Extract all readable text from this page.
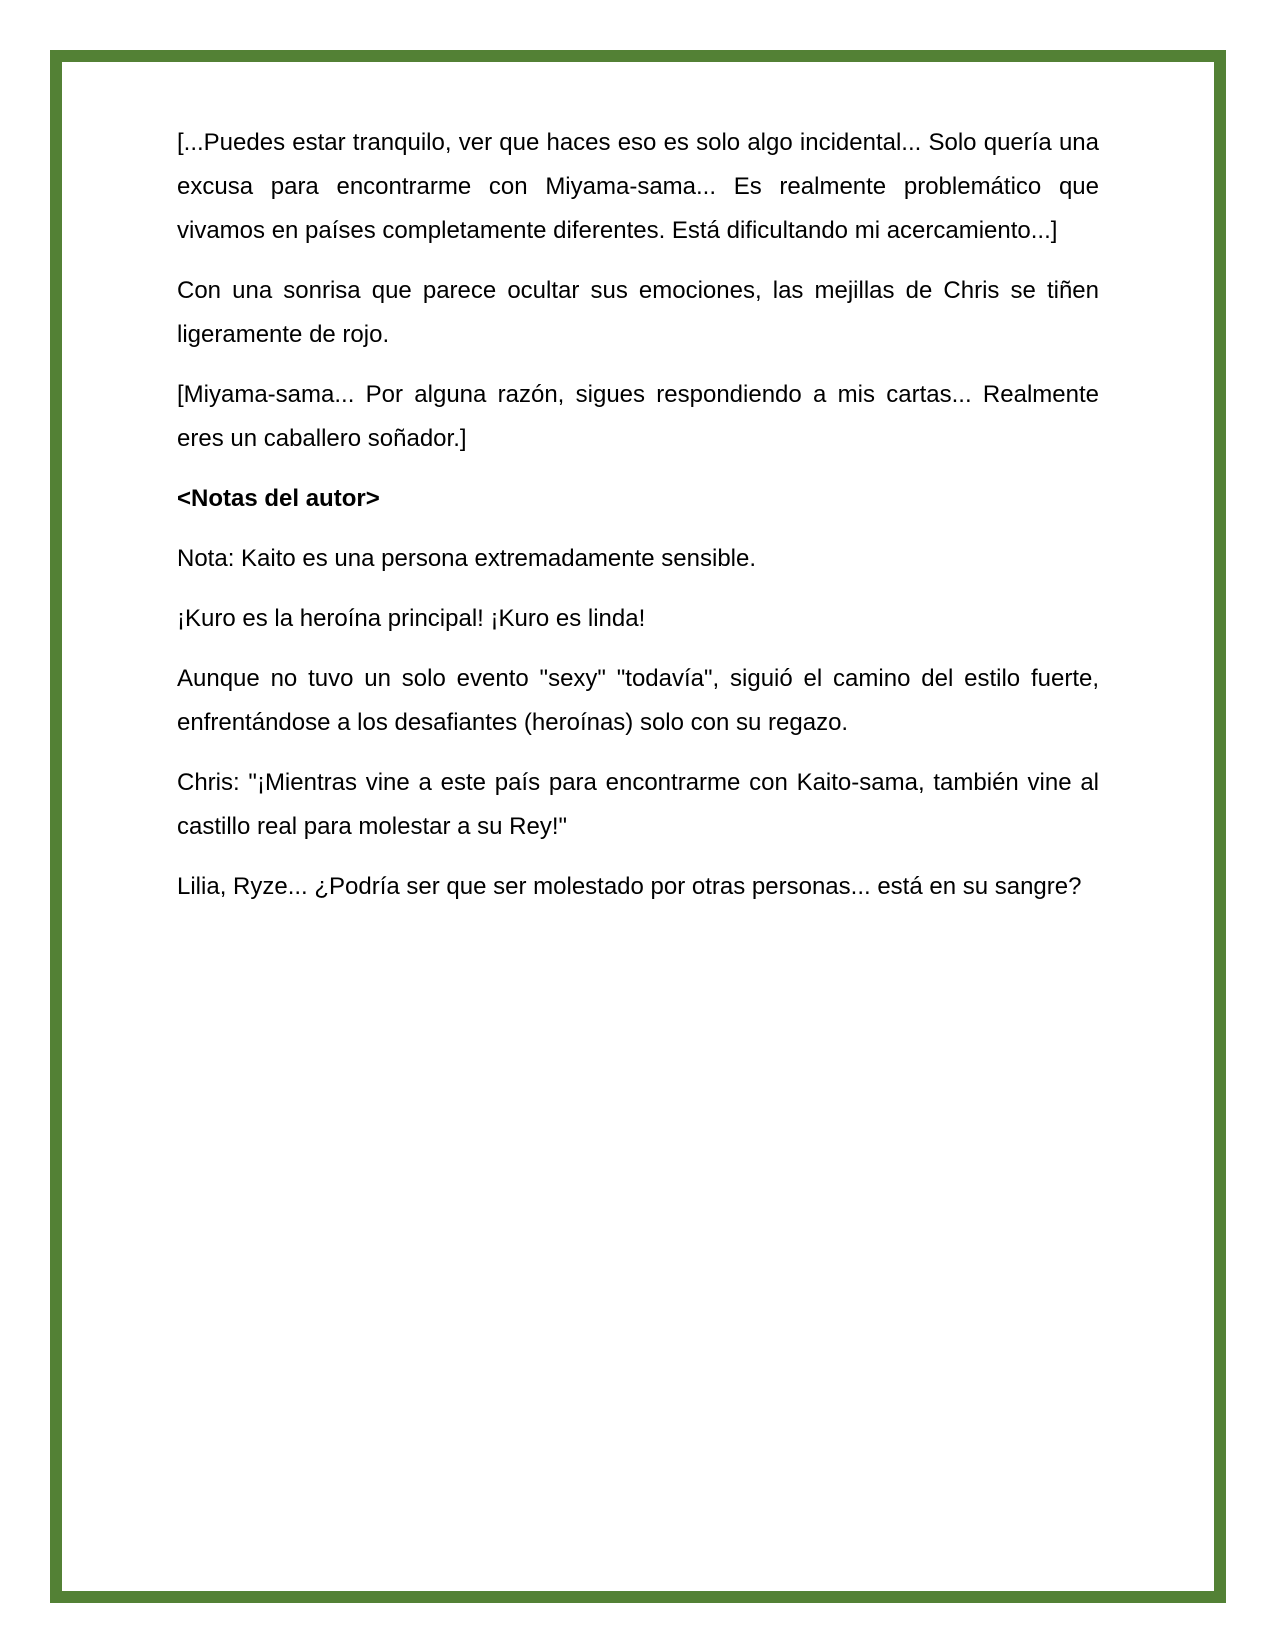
[...Puedes estar tranquilo, ver que haces eso es solo algo incidental... Solo quería una excusa para encontrarme con Miyama-sama... Es realmente problemático que vivamos en países completamente diferentes. Está dificultando mi acercamiento...]

Con una sonrisa que parece ocultar sus emociones, las mejillas de Chris se tiñen ligeramente de rojo.

[Miyama-sama... Por alguna razón, sigues respondiendo a mis cartas... Realmente eres un caballero soñador.]

<Notas del autor>

Nota: Kaito es una persona extremadamente sensible.

¡Kuro es la heroína principal! ¡Kuro es linda!

Aunque no tuvo un solo evento "sexy" "todavía", siguió el camino del estilo fuerte, enfrentándose a los desafiantes (heroínas) solo con su regazo.

Chris: "¡Mientras vine a este país para encontrarme con Kaito-sama, también vine al castillo real para molestar a su Rey!"

Lilia, Ryze... ¿Podría ser que ser molestado por otras personas... está en su sangre?
